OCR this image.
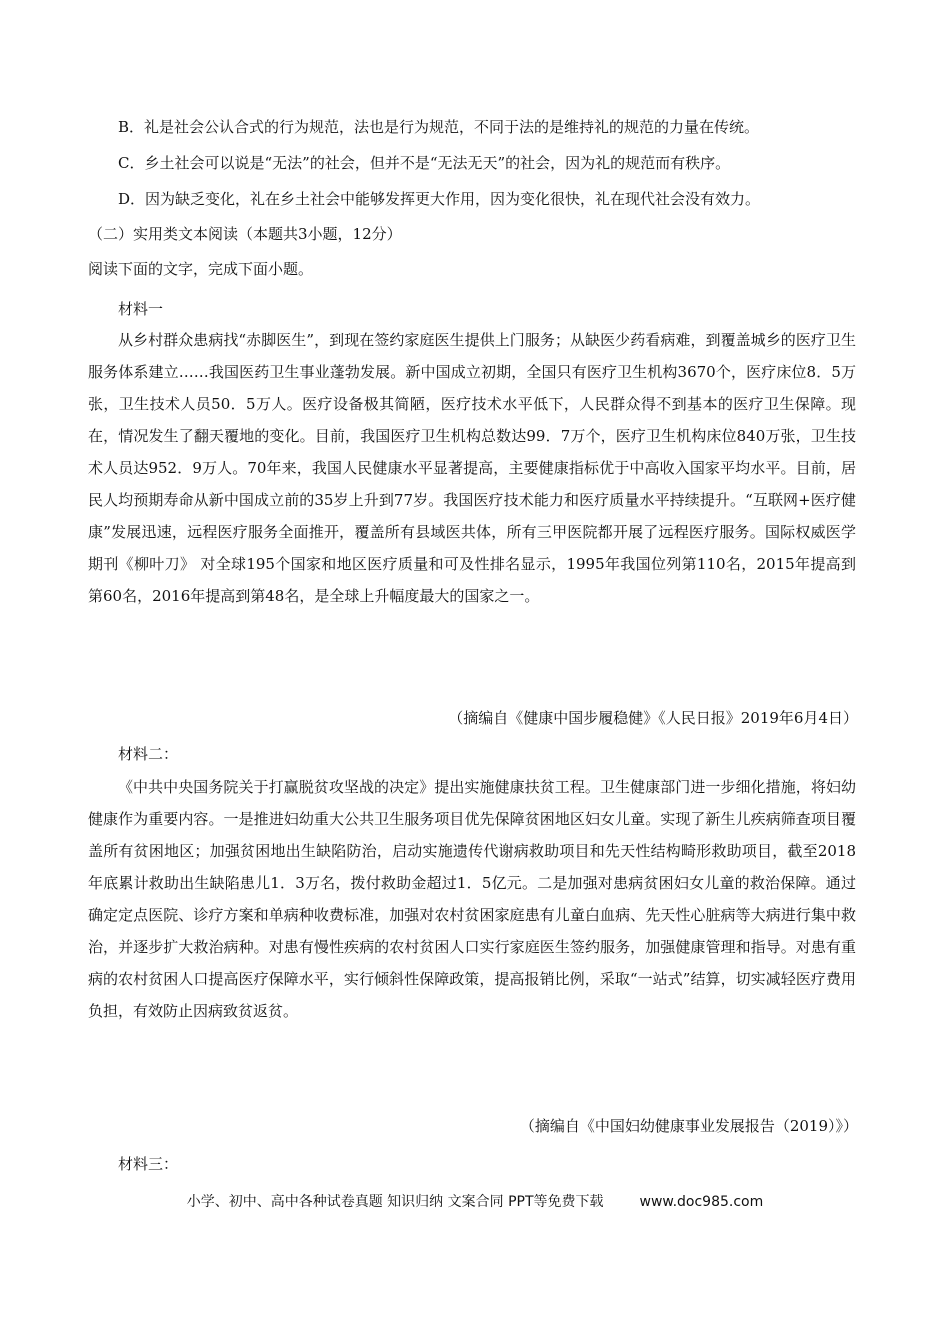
B．礼是社会公认合式的行为规范，法也是行为规范，不同于法的是维持礼的规范的力量在传统。

C．乡土社会可以说是“无法”的社会，但并不是“无法无天”的社会，因为礼的规范而有秩序。

D．因为缺乏变化，礼在乡土社会中能够发挥更大作用，因为变化很快，礼在现代社会没有效力。

（二）实用类文本阅读（本题共3小题，12分）

阅读下面的文字，完成下面小题。

材料一

从乡村群众患病找“赤脚医生”，到现在签约家庭医生提供上门服务；从缺医少药看病难，到覆盖城乡的医疗卫生服务体系建立……我国医药卫生事业蓬勃发展。新中国成立初期，全国只有医疗卫生机构3670个，医疗床位8．5万张，卫生技术人员50．5万人。医疗设备极其简陋，医疗技术水平低下，人民群众得不到基本的医疗卫生保障。现在，情况发生了翻天覆地的变化。目前，我国医疗卫生机构总数达99．7万个，医疗卫生机构床位840万张，卫生技术人员达952．9万人。70年来，我国人民健康水平显著提高，主要健康指标优于中高收入国家平均水平。目前，居民人均预期寿命从新中国成立前的35岁上升到77岁。我国医疗技术能力和医疗质量水平持续提升。“互联网+医疗健康”发展迅速，远程医疗服务全面推开，覆盖所有县域医共体，所有三甲医院都开展了远程医疗服务。国际权威医学期刊《柳叶刀》 对全球195个国家和地区医疗质量和可及性排名显示，1995年我国位列第110名，2015年提高到第60名，2016年提高到第48名，是全球上升幅度最大的国家之一。

（摘编自《健康中国步履稳健》《人民日报》2019年6月4日）

材料二：

《中共中央国务院关于打赢脱贫攻坚战的决定》提出实施健康扶贫工程。卫生健康部门进一步细化措施，将妇幼健康作为重要内容。一是推进妇幼重大公共卫生服务项目优先保障贫困地区妇女儿童。实现了新生儿疾病筛查项目覆盖所有贫困地区；加强贫困地出生缺陷防治，启动实施遗传代谢病救助项目和先天性结构畸形救助项目，截至2018年底累计救助出生缺陷患儿1．3万名，拨付救助金超过1．5亿元。二是加强对患病贫困妇女儿童的救治保障。通过确定定点医院、诊疗方案和单病种收费标准，加强对农村贫困家庭患有儿童白血病、先天性心脏病等大病进行集中救治，并逐步扩大救治病种。对患有慢性疾病的农村贫困人口实行家庭医生签约服务，加强健康管理和指导。对患有重病的农村贫困人口提高医疗保障水平，实行倾斜性保障政策，提高报销比例，采取“一站式”结算，切实减轻医疗费用负担，有效防止因病致贫返贫。

（摘编自《中国妇幼健康事业发展报告（2019）》）

材料三：

小学、初中、高中各种试卷真题 知识归纳 文案合同 PPT等免费下载	www.doc985.com
